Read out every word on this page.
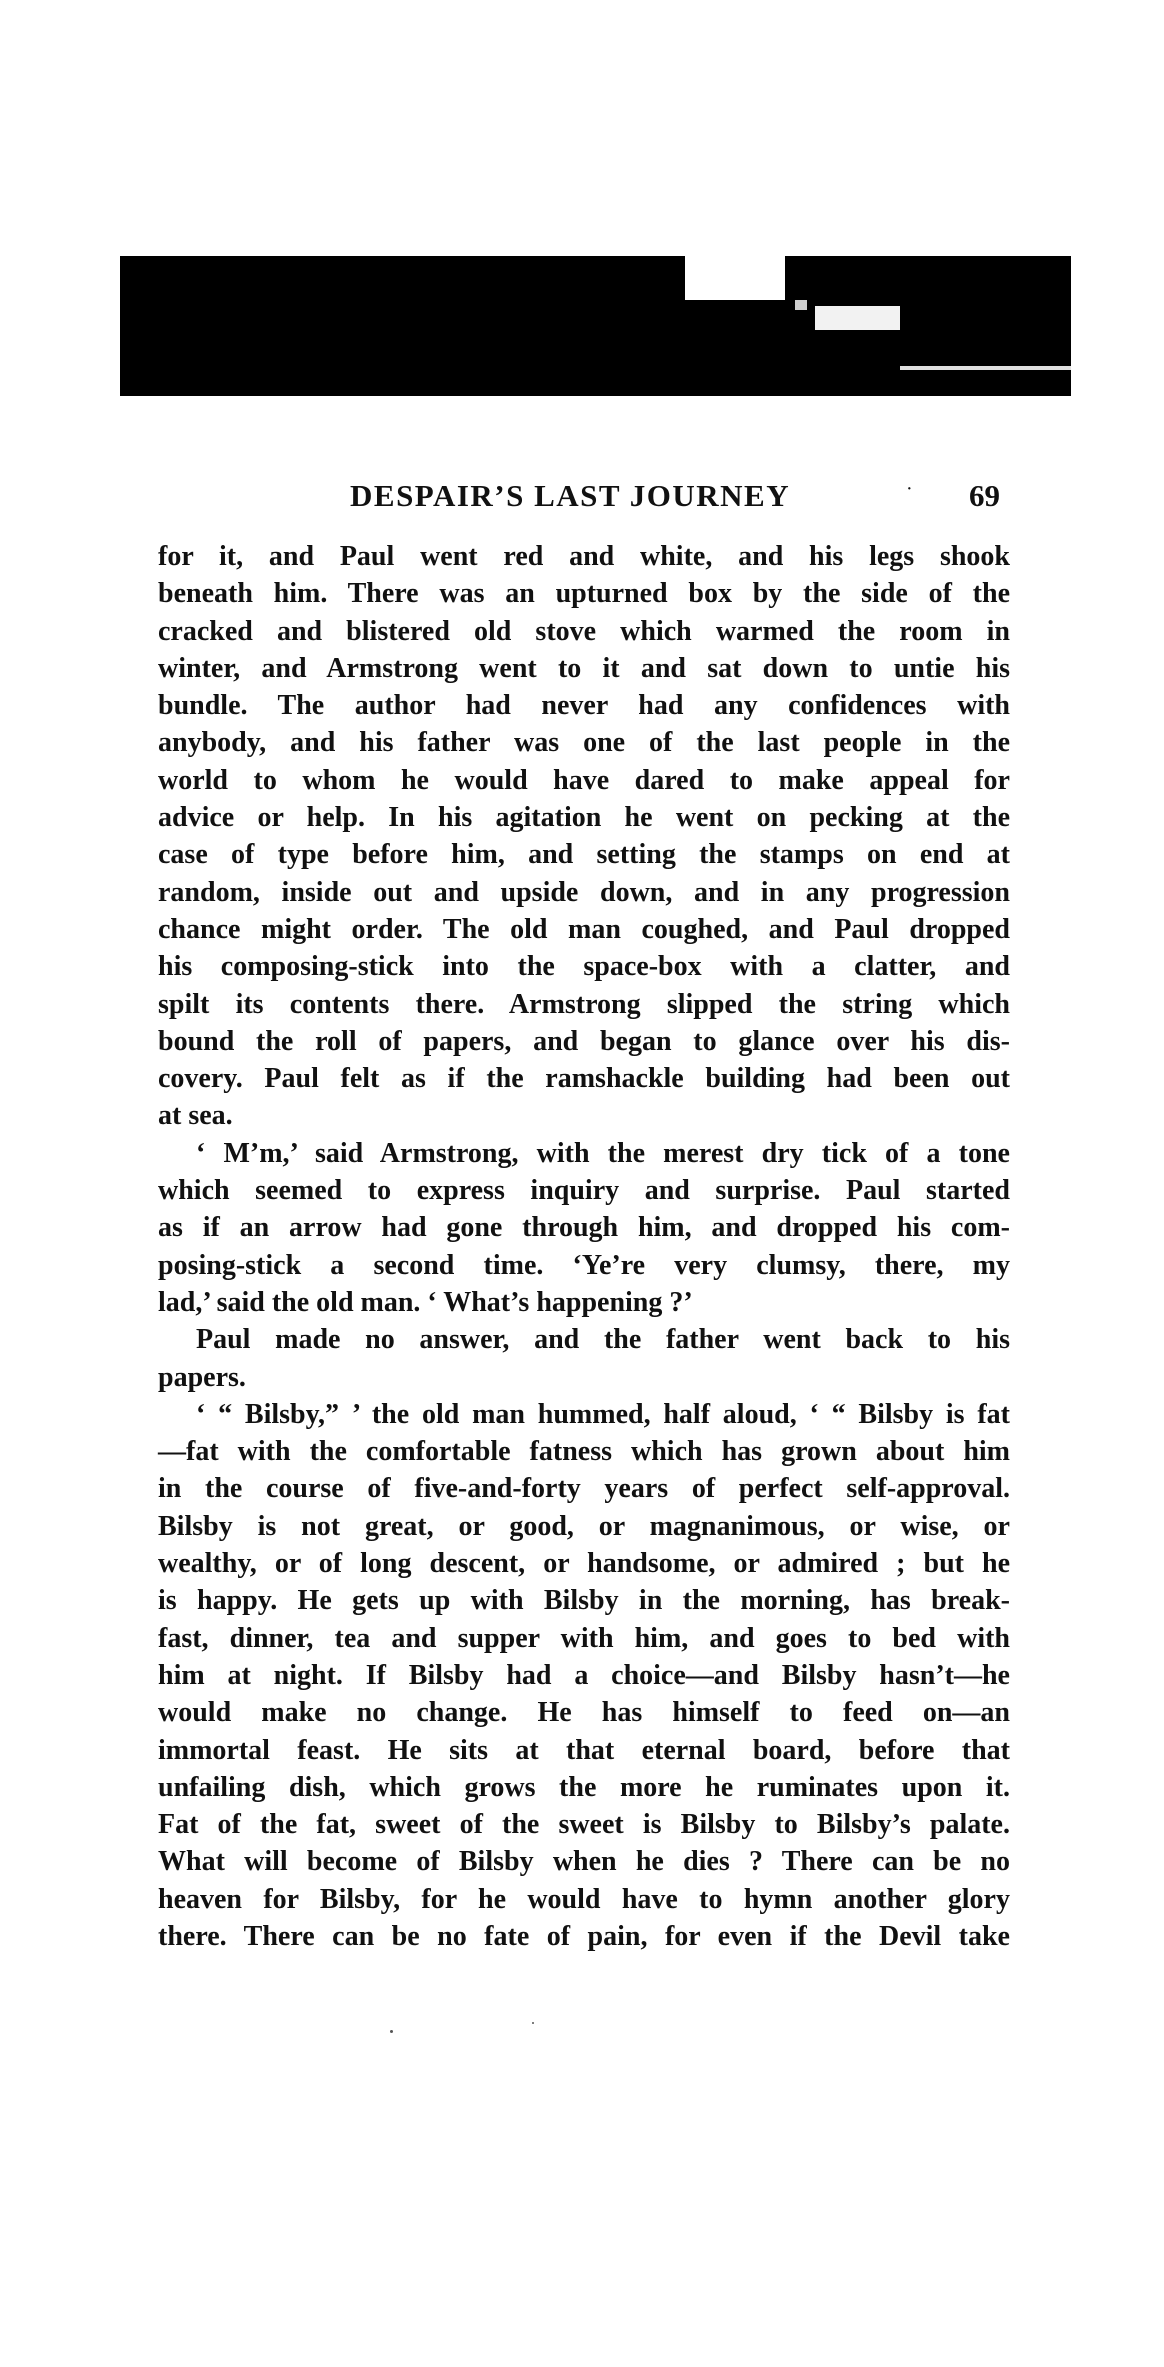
DESPAIR’S LAST JOURNEY	· 69

for it, and Paul went red and white, and his legs shook

beneath him. There was an upturned box by the side of the

cracked and blistered old stove which warmed the room in

winter, and Armstrong went to it and sat down to untie his

bundle. The author had never had any confidences with

anybody, and his father was one of the last people in the

world to whom he would have dared to make appeal for

advice or help. In his agitation he went on pecking at the

case of type before him, and setting the stamps on end at

random, inside out and upside down, and in any progression

chance might order. The old man coughed, and Paul dropped

his composing-stick into the space-box with a clatter, and

spilt its contents there. Armstrong slipped the string which

bound the roll of papers, and began to glance over his dis-

covery. Paul felt as if the ramshackle building had been out

at sea.

‘ M’m,’ said Armstrong, with the merest dry tick of a tone

which seemed to express inquiry and surprise. Paul started

as if an arrow had gone through him, and dropped his com-

posing-stick a second time. ‘Ye’re very clumsy, there, my

lad,’ said the old man. ‘ What’s happening ?’

Paul made no answer, and the father went back to his

papers.

‘ “ Bilsby,” ’ the old man hummed, half aloud, ‘ “ Bilsby is fat

—fat with the comfortable fatness which has grown about him

in the course of five-and-forty years of perfect self-approval.

Bilsby is not great, or good, or magnanimous, or wise, or

wealthy, or of long descent, or handsome, or admired ; but he

is happy. He gets up with Bilsby in the morning, has break-

fast, dinner, tea and supper with him, and goes to bed with

him at night. If Bilsby had a choice—and Bilsby hasn’t—he

would make no change. He has himself to feed on—an

immortal feast. He sits at that eternal board, before that

unfailing dish, which grows the more he ruminates upon it.

Fat of the fat, sweet of the sweet is Bilsby to Bilsby’s palate.

What will become of Bilsby when he dies ? There can be no

heaven for Bilsby, for he would have to hymn another glory

there. There can be no fate of pain, for even if the Devil take
